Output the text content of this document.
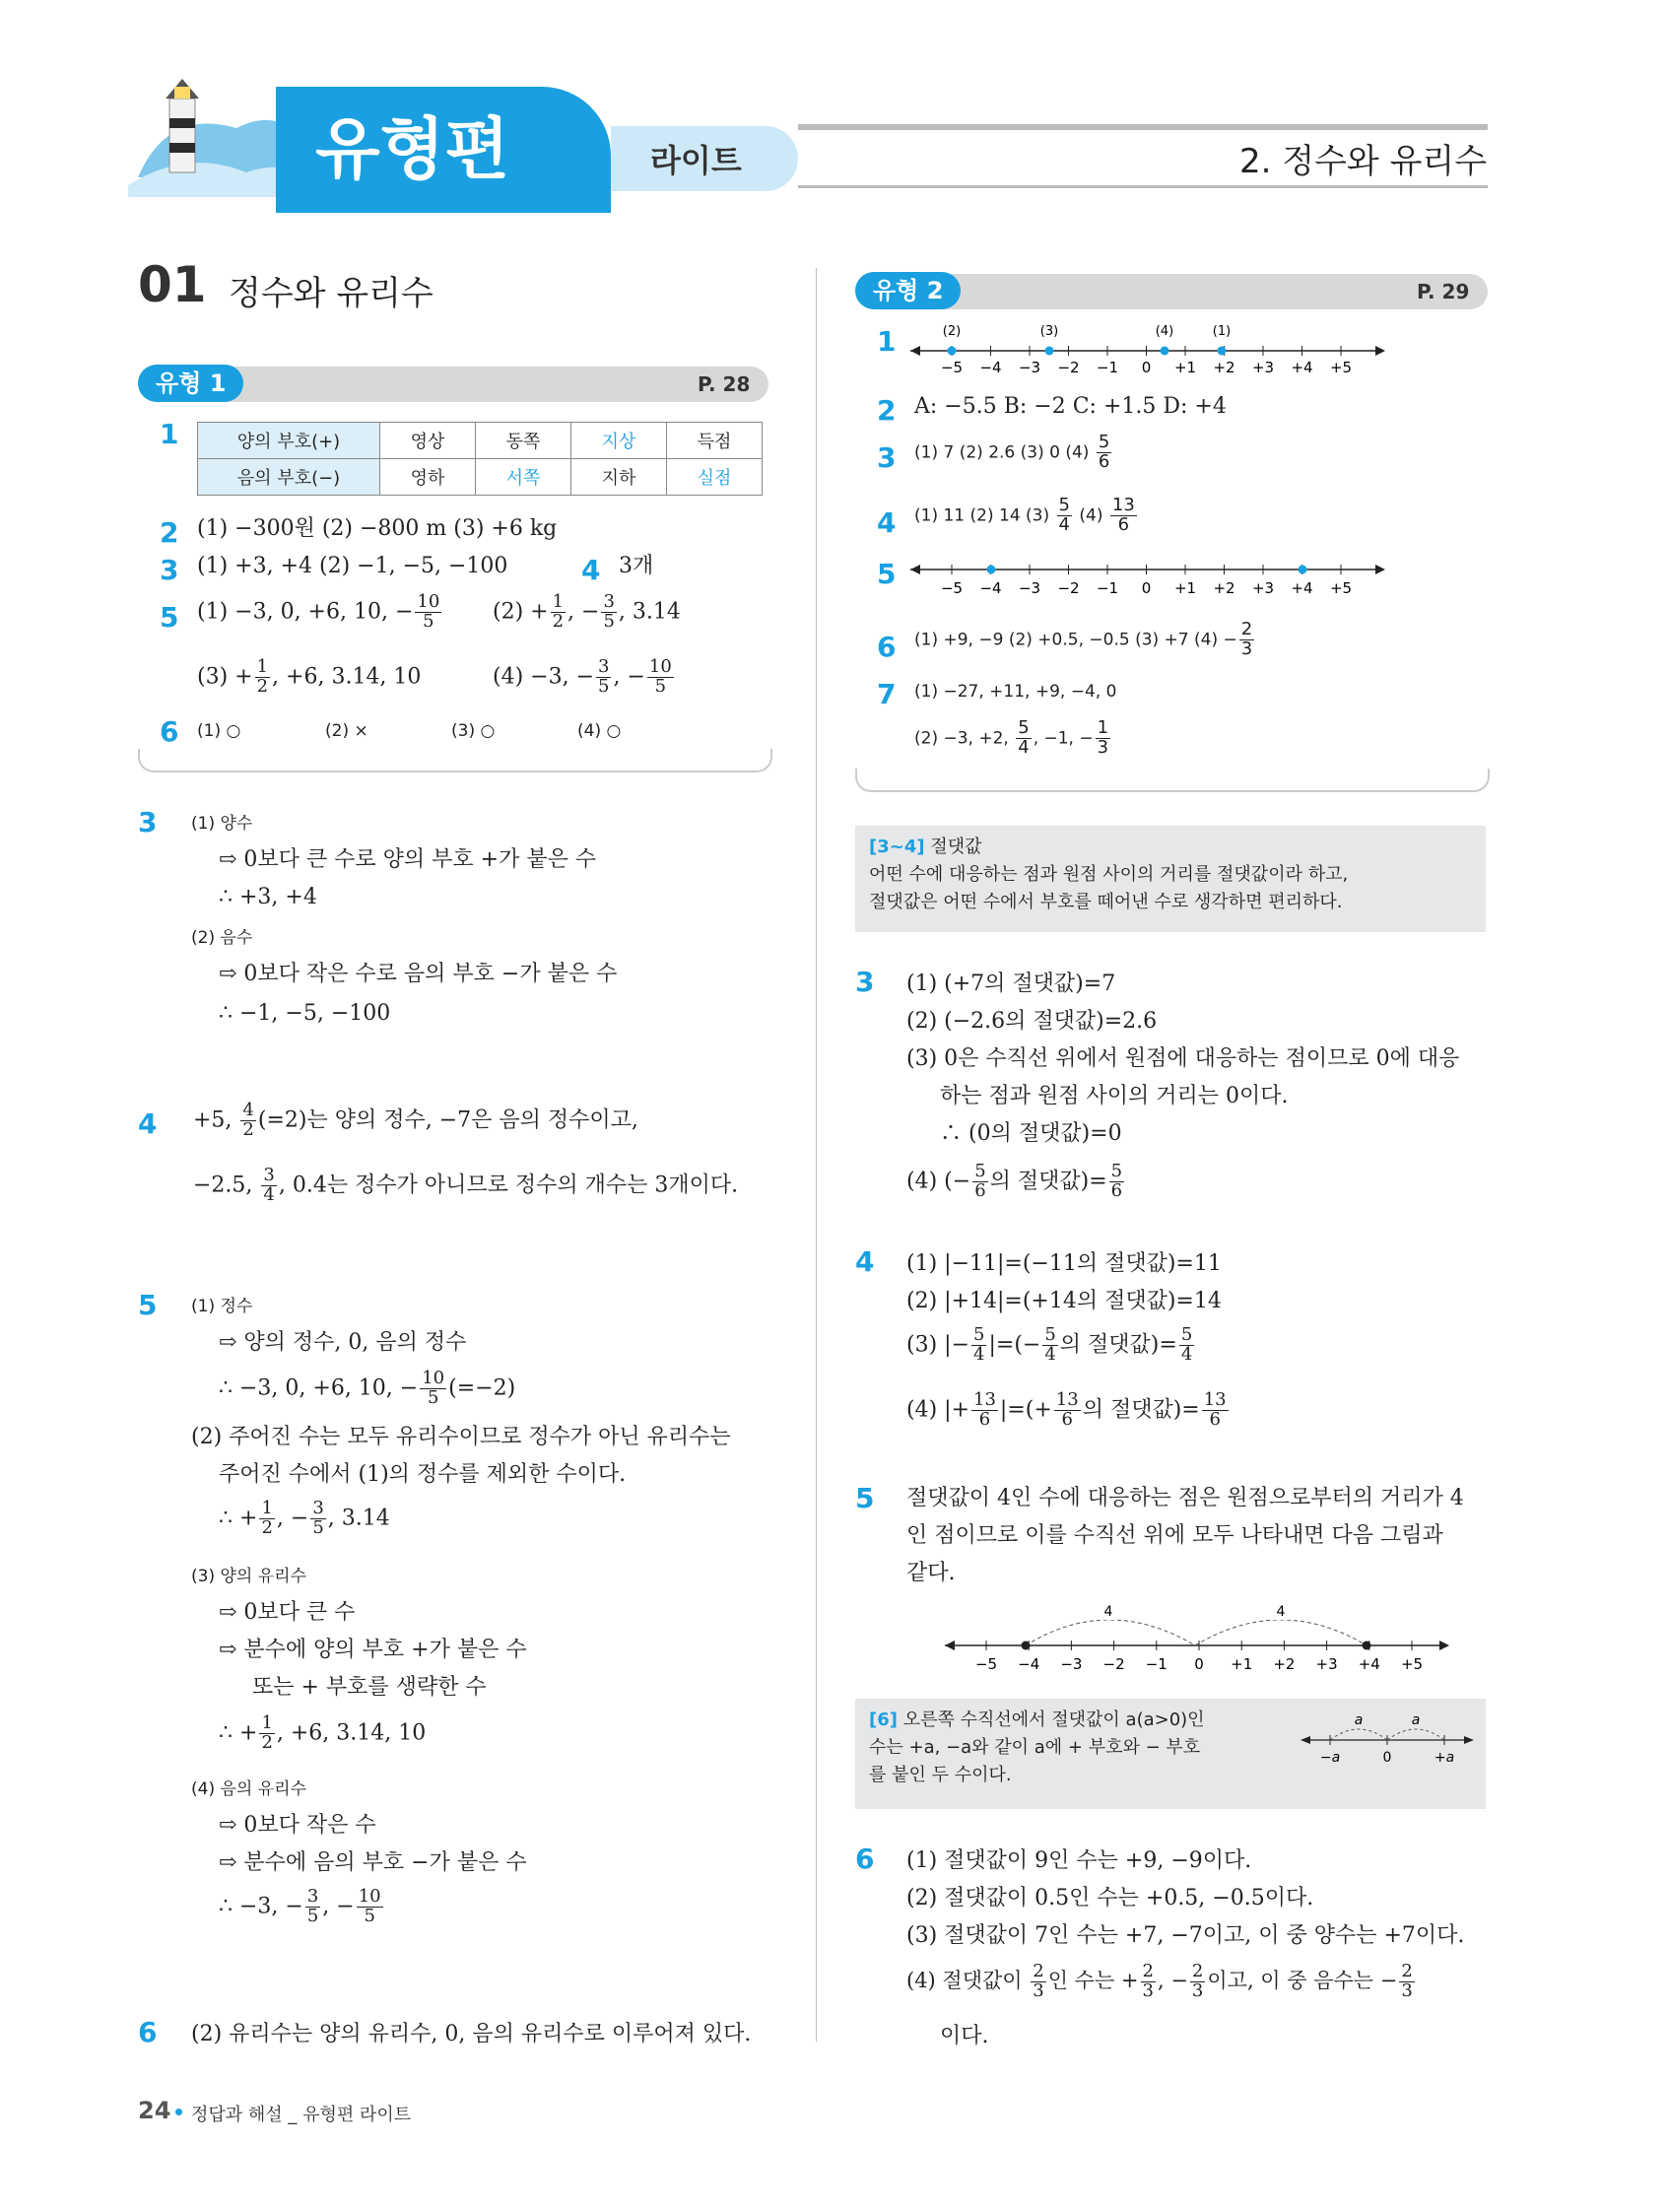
유형편	라이트	2. 정수와 유리수
01 정수와 유리수
유형 1	P. 28
1	양의 부호(+)	영상	동쪽	지상	득점
음의 부호(−)	영하	서쪽	지하	실점
2 (1) −300원 (2) −800 m (3) +6 kg
3 (1) +3, +4 (2) −1, −5, −100	4 3개
5 (1) −3, 0, +6, 10, − $\frac{10}{5} (2) + \frac{1}{2}$ , − $\frac{3}{5}$ , 3.14
$(3) + \frac{1}{2}$ , +6, 3.14, 10	(4) −3, − $\frac{3}{5}$ , − $\frac{10}{5}$
6 (1) ○	(2) ×	(3) ○	(4) ○
3 (1) 양수
⇨ 0보다 큰 수로 양의 부호 +가 붙은 수
∴ +3, +4
(2) 음수
⇨ 0보다 작은 수로 음의 부호 −가 붙은 수
∴ −1, −5, −100
4 +5, $\frac{4}{2} (=2)$는 양의 정수, −7은 음의 정수이고,
−2.5, $\frac{3}{4}$ , 0.4는 정수가 아니므로 정수의 개수는 3개이다.
5 (1) 정수
⇨ 양의 정수, 0, 음의 정수
∴ −3, 0, +6, 10, − $\frac{10}{5} (=-2)$
(2) 주어진 수는 모두 유리수이므로 정수가 아닌 유리수는
주어진 수에서 (1)의 정수를 제외한 수이다.
∴ + $\frac{1}{2}$ , − $\frac{3}{5}$ , 3.14
(3) 양의 유리수
⇨ 0보다 큰 수
⇨ 분수에 양의 부호 +가 붙은 수
또는 + 부호를 생략한 수
∴ + $\frac{1}{2}$ , +6, 3.14, 10
(4) 음의 유리수
⇨ 0보다 작은 수
⇨ 분수에 음의 부호 −가 붙은 수
∴ −3, − $\frac{3}{5}$ , − $\frac{10}{5}$
6 (2) 유리수는 양의 유리수, 0, 음의 유리수로 이루어져 있다.
유형 2	P. 29
1
−5 −4 −3 −2 −1 0 +1 +2 +3 +4 +5
(2)	(3)	(4)	(1)
2 A: −5.5 B: −2 C: +1.5 D: +4
3 (1) 7 (2) 2.6 (3) 0 $(4) \frac{5}{6}$
4 (1) 11 (2) 14 $(3) \frac{5}{4} (4) \frac{13}{6}$
5	−5 −4 −3 −2 −1 0 +1 +2 +3 +4 +5
6 (1) +9, −9 (2) +0.5, −0.5 (3) +7 $(4) - \frac{2}{3}$
7 (1) −27, +11, +9, −4, 0
(2) −3, +2, $\frac{5}{4}$ , −1, − $\frac{1}{3}$
[3~4] 절댓값
어떤 수에 대응하는 점과 원점 사이의 거리를 절댓값이라 하고,
절댓값은 어떤 수에서 부호를 떼어낸 수로 생각하면 편리하다.
3 (1) (+7의 절댓값)=7
(2) (−2.6의 절댓값)=2.6
(3) 0은 수직선 위에서 원점에 대응하는 점이므로 0에 대응
하는 점과 원점 사이의 거리는 0이다.
∴ (0의 절댓값)=0
(4) (− $\frac{5}{6}$ 의 절댓값)= $\frac{5}{6}$
4 (1) |−11|=(−11의 절댓값)=11
(2) |+14|=(+14의 절댓값)=14
(3) |− $\frac{5}{4}$ |=(− $\frac{5}{4}$ 의 절댓값)= $\frac{5}{4}$
(4) |+ $\frac{13}{6}$ |=(+ $\frac{13}{6}$ 의 절댓값)= $\frac{13}{6}$
5 절댓값이 4인 수에 대응하는 점은 원점으로부터의 거리가 4
인 점이므로 이를 수직선 위에 모두 나타내면 다음 그림과
같다.
−5 −4 −3 −2 −1 0 +1 +2 +3 +4 +5
4	4
[6] 오른쪽 수직선에서 절댓값이 a(a>0)인
수는 +a, −a와 같이 a에 + 부호와 − 부호
를 붙인 두 수이다.
a	a
−a	0	+a
6 (1) 절댓값이 9인 수는 +9, −9이다.
(2) 절댓값이 0.5인 수는 +0.5, −0.5이다.
(3) 절댓값이 7인 수는 +7, −7이고, 이 중 양수는 +7이다.
(4) 절댓값이 $\frac{2}{3}$ 인 수는 + $\frac{2}{3}$ , − $\frac{2}{3}$ 이고, 이 중 음수는 − $\frac{2}{3}$
이다.
24 정답과 해설 _ 유형편 라이트
